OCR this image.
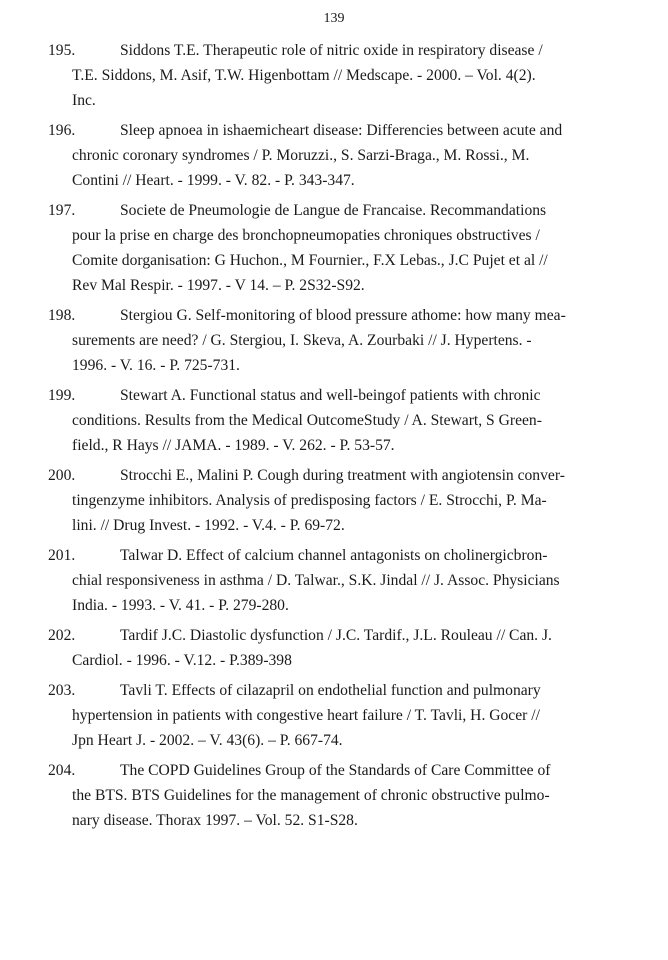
139
195.	Siddons T.E. Therapeutic role of nitric oxide in respiratory disease /
T.E. Siddons, M. Asif, T.W. Higenbottam // Medscape. - 2000. – Vol. 4(2).
Inc.
196.	Sleep apnoea in ishaemicheart disease: Differencies between acute and
chronic coronary syndromes / P. Moruzzi., S. Sarzi-Braga., M. Rossi., M.
Contini // Heart. - 1999. - V. 82. - P. 343-347.
197.	Societe de Pneumologie de Langue de Francaise. Recommandations
pour la prise en charge des bronchopneumopaties chroniques obstructives /
Comite dorganisation: G Huchon., M Fournier., F.X Lebas., J.C Pujet et al //
Rev Mal Respir. - 1997. - V 14. – P. 2S32-S92.
198.	Stergiou G. Self-monitoring of blood pressure athome: how many mea-
surements are need? / G. Stergiou, I. Skeva, A. Zourbaki // J. Hypertens. -
1996. - V. 16. - P. 725-731.
199.	Stewart A. Functional status and well-beingof patients with chronic
conditions. Results from the Medical OutcomeStudy / A. Stewart, S Green-
field., R Hays // JAMA. - 1989. - V. 262. - P. 53-57.
200.	Strocchi E., Malini P. Cough during treatment with angiotensin conver-
tingenzyme inhibitors. Analysis of predisposing factors / E. Strocchi, P. Ma-
lini. // Drug Invest. - 1992. - V.4. - P. 69-72.
201.	Talwar D. Effect of calcium channel antagonists on cholinergicbron-
chial responsiveness in asthma / D. Talwar., S.K. Jindal // J. Assoc. Physicians
India. - 1993. - V. 41. - P. 279-280.
202.	Tardif J.C. Diastolic dysfunction / J.C. Tardif., J.L. Rouleau // Can. J.
Cardiol. - 1996. - V.12. - P.389-398
203.	Tavli T. Effects of cilazapril on endothelial function and pulmonary
hypertension in patients with congestive heart failure / T. Tavli, H. Gocer //
Jpn Heart J. - 2002. – V. 43(6). – P. 667-74.
204.	The COPD Guidelines Group of the Standards of Care Committee of
the BTS. BTS Guidelines for the management of chronic obstructive pulmo-
nary disease. Thorax 1997. – Vol. 52. S1-S28.
